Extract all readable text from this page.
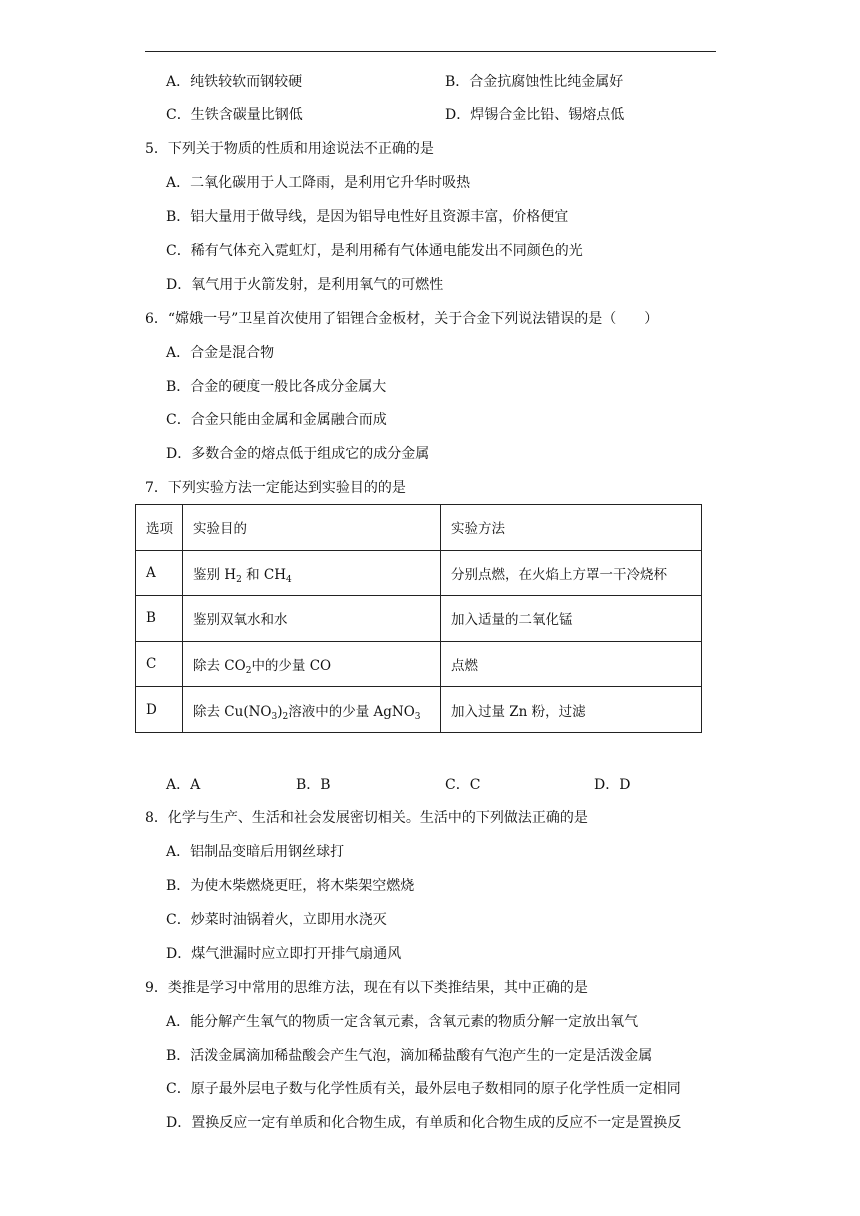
A．纯铁较软而钢较硬	B．合金抗腐蚀性比纯金属好
C．生铁含碳量比钢低	D．焊锡合金比铅、锡熔点低
5．下列关于物质的性质和用途说法不正确的是
A．二氧化碳用于人工降雨，是利用它升华时吸热
B．铝大量用于做导线，是因为铝导电性好且资源丰富，价格便宜
C．稀有气体充入霓虹灯，是利用稀有气体通电能发出不同颜色的光
D．氧气用于火箭发射，是利用氧气的可燃性
6．“嫦娥一号”卫星首次使用了铝锂合金板材，关于合金下列说法错误的是（　　）
A．合金是混合物
B．合金的硬度一般比各成分金属大
C．合金只能由金属和金属融合而成
D．多数合金的熔点低于组成它的成分金属
7．下列实验方法一定能达到实验目的的是
选项	实验目的	实验方法
A	鉴别 $H_2$ 和 $CH_4$	分别点燃，在火焰上方罩一干冷烧杯
B	鉴别双氧水和水	加入适量的二氧化锰
C	除去 $CO_2$中的少量 CO	点燃
D	除去 $Cu(NO_3)_2$溶液中的少量 AgNO$_3$	加入过量 Zn 粉，过滤
A．A	B．B	C．C	D．D
8．化学与生产、生活和社会发展密切相关。生活中的下列做法正确的是
A．铝制品变暗后用钢丝球打
B．为使木柴燃烧更旺，将木柴架空燃烧
C．炒菜时油锅着火，立即用水浇灭
D．煤气泄漏时应立即打开排气扇通风
9．类推是学习中常用的思维方法，现在有以下类推结果，其中正确的是
A．能分解产生氧气的物质一定含氧元素，含氧元素的物质分解一定放出氧气
B．活泼金属滴加稀盐酸会产生气泡，滴加稀盐酸有气泡产生的一定是活泼金属
C．原子最外层电子数与化学性质有关，最外层电子数相同的原子化学性质一定相同
D．置换反应一定有单质和化合物生成，有单质和化合物生成的反应不一定是置换反
